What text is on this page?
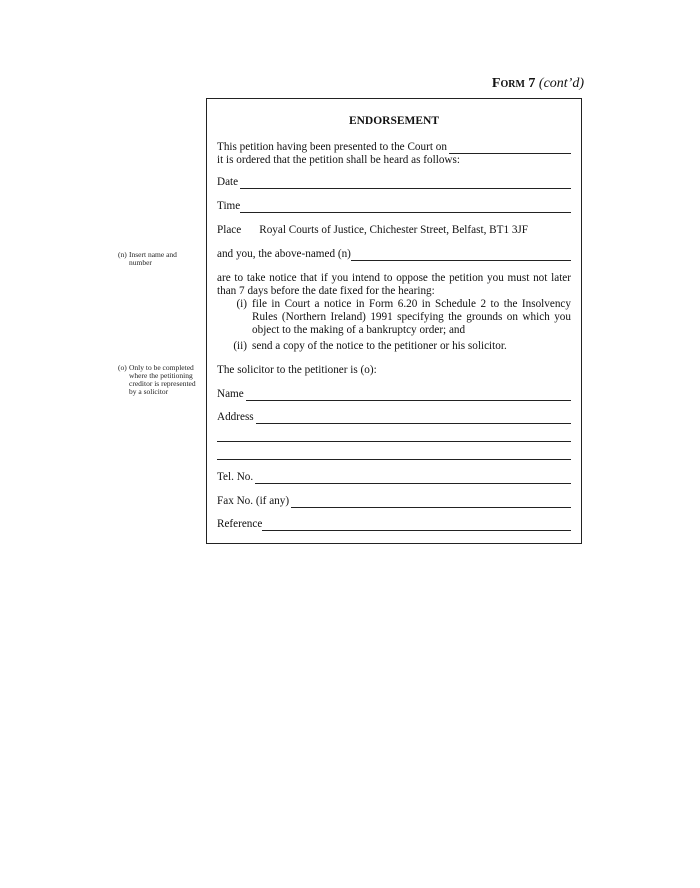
Form 7 (cont’d)
(n) Insert name and number
(o) Only to be completed where the petitioning creditor is represented by a solicitor
ENDORSEMENT
This petition having been presented to the Court on
it is ordered that the petition shall be heard as follows:
Date
Time
Place Royal Courts of Justice, Chichester Street, Belfast, BT1 3JF
and you, the above-named (n)
are to take notice that if you intend to oppose the petition you must not later than 7 days before the date fixed for the hearing:
(i) file in Court a notice in Form 6.20 in Schedule 2 to the Insolvency Rules (Northern Ireland) 1991 specifying the grounds on which you object to the making of a bankruptcy order; and
(ii) send a copy of the notice to the petitioner or his solicitor.
The solicitor to the petitioner is (o):
Name
Address
Tel. No.
Fax No. (if any)
Reference
